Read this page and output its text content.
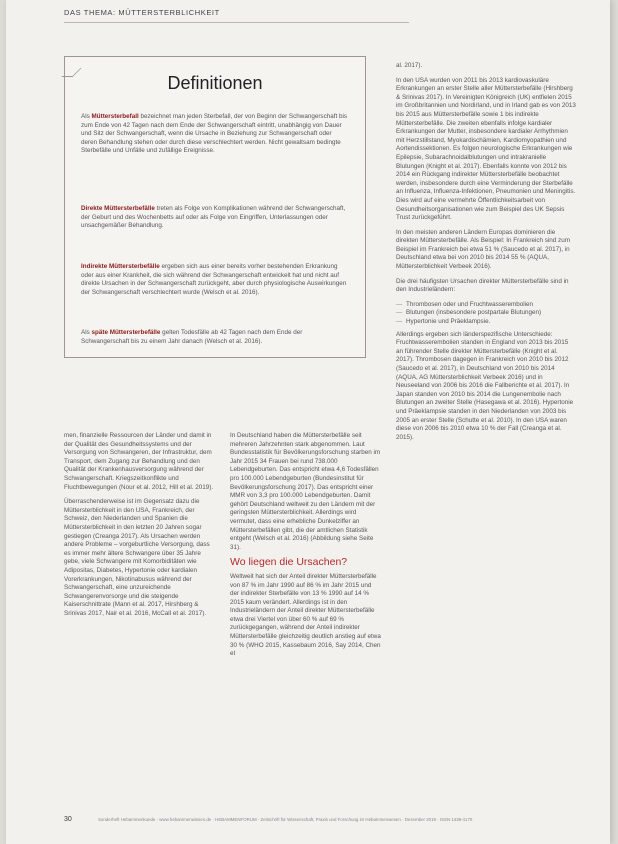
DAS THEMA: MÜTTERSTERBLICHKEIT
Definitionen
Als Müttersterbefall bezeichnet man jeden Sterbefall, der von Beginn der Schwangerschaft bis zum Ende von 42 Tagen nach dem Ende der Schwangerschaft eintritt, unabhängig von Dauer und Sitz der Schwangerschaft, wenn die Ursache in Beziehung zur Schwangerschaft oder deren Behandlung stehen oder durch diese verschlechtert werden. Nicht gewaltsam bedingte Sterbefälle und Unfälle und zufällige Ereignisse.
Direkte Müttersterbefälle treten als Folge von Komplikationen während der Schwangerschaft, der Geburt und des Wochenbetts auf oder als Folge von Eingriffen, Unterlassungen oder unsachgemäßer Behandlung.
Indirekte Müttersterbefälle ergeben sich aus einer bereits vorher bestehenden Erkrankung oder aus einer Krankheit, die sich während der Schwangerschaft entwickelt hat und nicht auf direkte Ursachen in der Schwangerschaft zurückgeht, aber durch physiologische Auswirkungen der Schwangerschaft verschlechtert wurde (Welsch et al. 2016).
Als späte Müttersterbefälle gelten Todesfälle ab 42 Tagen nach dem Ende der Schwangerschaft bis zu einem Jahr danach (Welsch et al. 2016).

men, finanzielle Ressourcen der Länder und damit in der Qualität des Gesundheitssystems und der Versorgung von Schwangeren, der Infrastruktur, dem Transport, dem Zugang zur Behandlung und den Qualität der Krankenhausversorgung während der Schwangerschaft. Kriegszeitkonflikte und Fluchtbewegungen (Nour et al. 2012, Hill et al. 2019).

Überraschenderweise ist im Gegensatz dazu die Müttersterblichkeit in den USA, Frankreich, der Schweiz, den Niederlanden und Spanien die Müttersterblichkeit in den letzten 20 Jahren sogar gestiegen (Creanga 2017). Als Ursachen werden andere Probleme – vorgeburtliche Versorgung, dass es immer mehr ältere Schwangere über 35 Jahre gebe, viele Schwangere mit Komorbiditäten wie Adipositas, Diabetes, Hypertonie oder kardialen Vorerkrankungen, Nikotinabusus während der Schwangerschaft, eine unzureichende Schwangerenvorsorge und die steigende Kaiserschnittrate (Mann et al. 2017, Hirshberg & Srinivas 2017, Nair et al. 2016, McCall et al. 2017).

In Deutschland haben die Müttersterbefälle seit mehreren Jahrzehnten stark abgenommen. Laut Bundesstatistik für Bevölkerungsforschung starben im Jahr 2015 34 Frauen bei rund 738.000 Lebendgeburten. Das entspricht etwa 4,6 Todesfällen pro 100.000 Lebendgeburten (Bundesinstitut für Bevölkerungsforschung 2017). Das entspricht einer MMR von 3,3 pro 100.000 Lebendgeburten. Damit gehört Deutschland weltweit zu den Ländern mit der geringsten Müttersterblichkeit. Allerdings wird vermutet, dass eine erhebliche Dunkelziffer an Müttersterbefällen gibt, die der amtlichen Statistik entgeht (Welsch et al. 2016) (Abbildung siehe Seite 31).

Wo liegen die Ursachen?

Weltweit hat sich der Anteil direkter Müttersterbefälle von 87 % im Jahr 1990 auf 86 % im Jahr 2015 und der indirekter Sterbefälle von 13 % 1990 auf 14 % 2015 kaum verändert. Allerdings ist in den Industrieländern der Anteil direkter Müttersterbefälle etwa drei Viertel von über 60 % auf 69 % zurückgegangen, während der Anteil indirekter Müttersterbefälle gleichzeitig deutlich anstieg auf etwa 30 % (WHO 2015, Kassebaum 2016, Say 2014, Chen et

al. 2017).

In den USA wurden von 2011 bis 2013 kardiovaskuläre Erkrankungen an erster Stelle aller Müttersterbefälle (Hirshberg & Srinivas 2017). In Vereinigten Königreich (UK) entfielen 2015 im Großbritannien und Nordirland, und in Irland gab es von 2013 bis 2015 aus Müttersterbefälle sowie 1 bis indirekte Müttersterbefälle. Die zweiten ebenfalls infolge kardialer Erkrankungen der Mutter, insbesondere kardialer Arrhythmien mit Herzstillstand, Myokardischämien, Kardiomyopathien und Aortendissektionen. Es folgen neurologische Erkrankungen wie Epilepsie, Subarachnoidalblutungen und intrakranielle Blutungen (Knight et al. 2017). Ebenfalls konnte von 2012 bis 2014 ein Rückgang indirekter Müttersterbefälle beobachtet werden, insbesondere durch eine Verminderung der Sterbefälle an Influenza, Influenza-Infektionen, Pneumonien und Meningitis. Dies wird auf eine vermehrte Öffentlichkeitsarbeit von Gesundheitsorganisationen wie zum Beispiel des UK Sepsis Trust zurückgeführt.

In den meisten anderen Ländern Europas dominieren die direkten Müttersterbefälle. Als Beispiel: In Frankreich sind zum Beispiel im Frankreich bei etwa 51 % (Saucedo et al. 2017), in Deutschland etwa bei von 2010 bis 2014 55 % (AQUA, Müttersterblichkeit Verbeek 2016).

Die drei häufigsten Ursachen direkter Müttersterbefälle sind in den Industrieländern:

— Thrombosen oder und Fruchtwasserembolien
— Blutungen (insbesondere postpartale Blutungen)
— Hypertonie und Präeklampsie.

Allerdings ergeben sich länderspezifische Unterschiede: Fruchtwasserembolien standen in England von 2013 bis 2015 an führender Stelle direkter Müttersterbefälle (Knight et al. 2017). Thrombosen dagegen in Frankreich von 2010 bis 2012 (Saucedo et al. 2017), in Deutschland von 2010 bis 2014 (AQUA, AG Müttersterblichkeit Verbeek 2016) und in Neuseeland von 2006 bis 2016 die Fallberichte et al. 2017). In Japan standen von 2010 bis 2014 die Lungenembolie nach Blutungen an zweiter Stelle (Hasegawa et al. 2016). Hypertonie und Präeklampsie standen in den Niederlanden von 2003 bis 2005 an erster Stelle (Schutte et al. 2010). In den USA waren diese von 2006 bis 2010 etwa 10 % der Fall (Creanga et al. 2015).

30	Sonderheft Hebammenkunde · www.hebammenwissen.de · HEBAMMENFORUM · Zeitschrift für Wissenschaft, Praxis und Forschung im Hebammenwesen · Dezember 2019 · ISSN 1439-4170
